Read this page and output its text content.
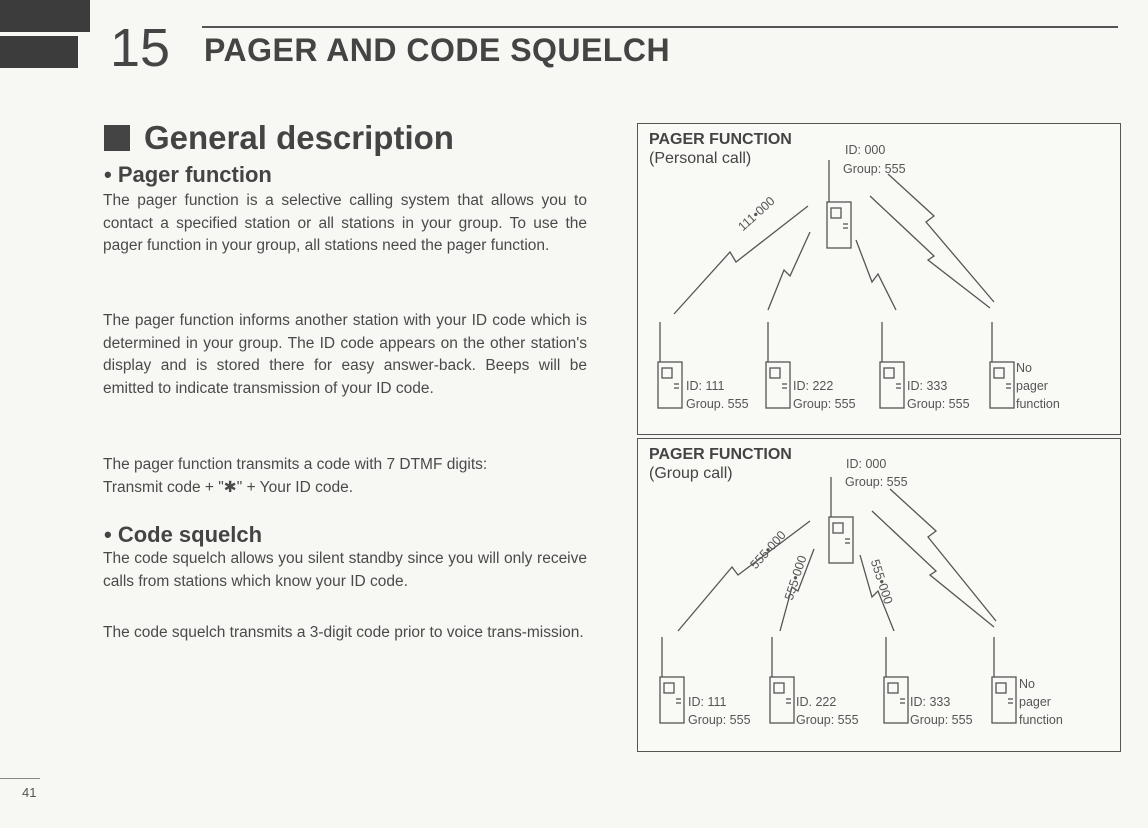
15 PAGER AND CODE SQUELCH
General description
• Pager function
The pager function is a selective calling system that allows you to contact a specified station or all stations in your group. To use the pager function in your group, all stations need the pager function.
The pager function informs another station with your ID code which is determined in your group. The ID code appears on the other station's display and is stored there for easy answer-back. Beeps will be emitted to indicate transmission of your ID code.
The pager function transmits a code with 7 DTMF digits:
Transmit code + "✱" + Your ID code.
• Code squelch
The code squelch allows you silent standby since you will only receive calls from stations which know your ID code.
The code squelch transmits a 3-digit code prior to voice trans-mission.
PAGER FUNCTION
(Personal call)	ID: 000
Group: 555
111•000
ID: 111
Group. 555
ID: 222
Group: 555
ID: 333
Group: 555
No
pager
function
PAGER FUNCTION
(Group call)
ID: 000
Group: 555
555•000
555•000	555•000
ID: 111
Group: 555
ID. 222
Group: 555
ID: 333
Group: 555
No
pager
function
41
